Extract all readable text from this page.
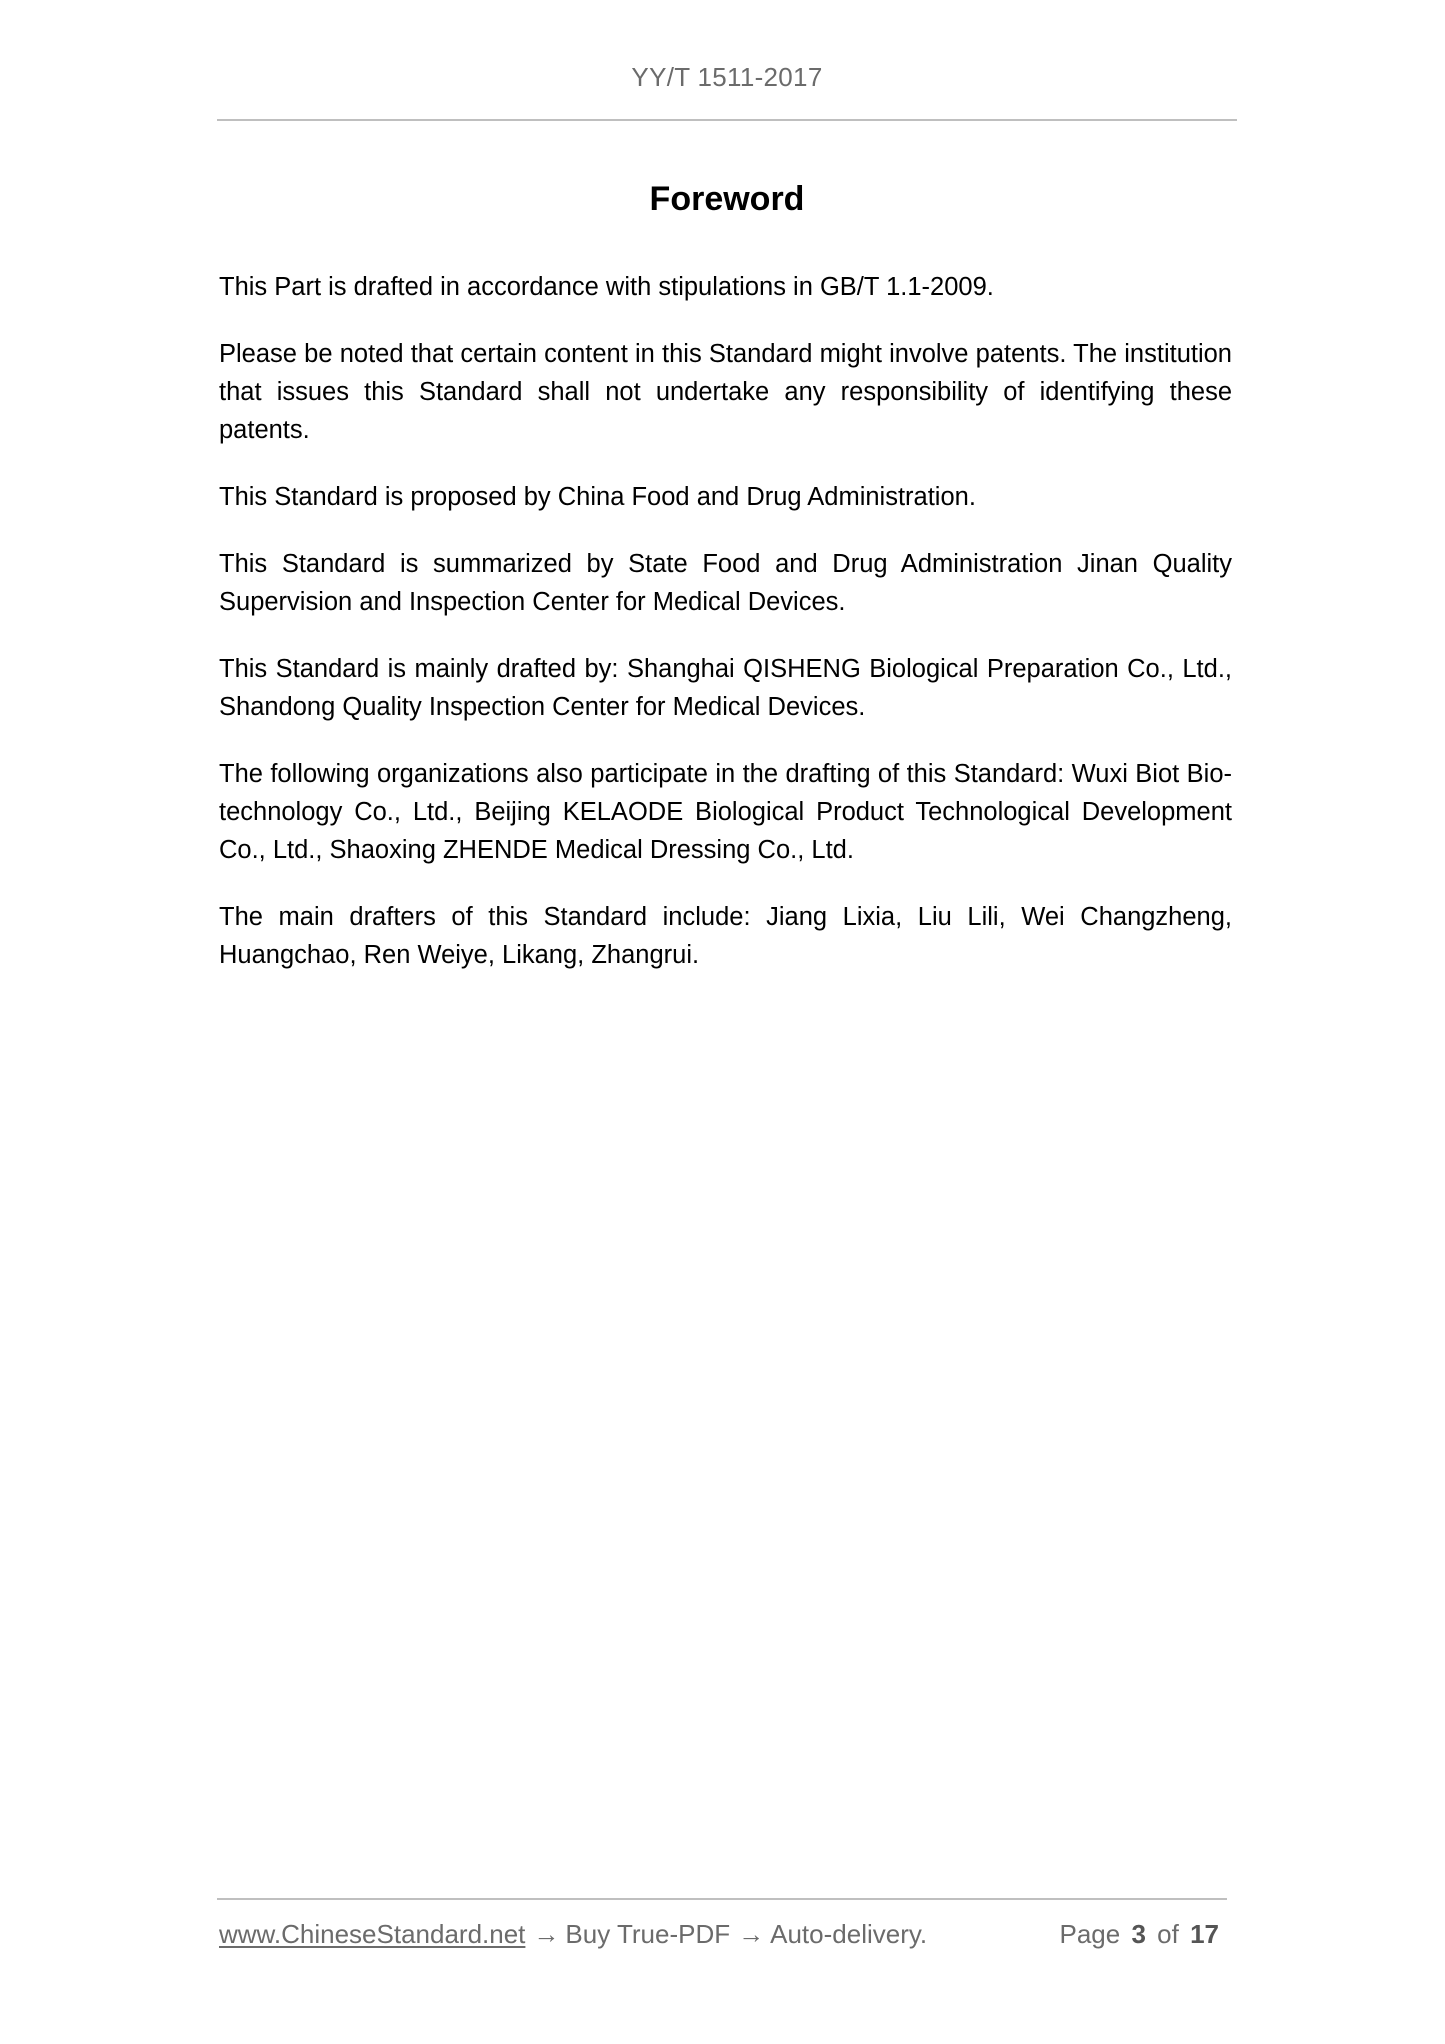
YY/T 1511-2017
Foreword

This Part is drafted in accordance with stipulations in GB/T 1.1-2009.

Please be noted that certain content in this Standard might involve patents. The institution that issues this Standard shall not undertake any responsibility of identifying these patents.

This Standard is proposed by China Food and Drug Administration.

This Standard is summarized by State Food and Drug Administration Jinan Quality Supervision and Inspection Center for Medical Devices.

This Standard is mainly drafted by: Shanghai QISHENG Biological Preparation Co., Ltd., Shandong Quality Inspection Center for Medical Devices.

The following organizations also participate in the drafting of this Standard: Wuxi Biot Bio-technology Co., Ltd., Beijing KELAODE Biological Product Technological Development Co., Ltd., Shaoxing ZHENDE Medical Dressing Co., Ltd.

The main drafters of this Standard include: Jiang Lixia, Liu Lili, Wei Changzheng, Huangchao, Ren Weiye, Likang, Zhangrui.

www.ChineseStandard.net → Buy True-PDF → Auto-delivery.	Page 3 of 17
